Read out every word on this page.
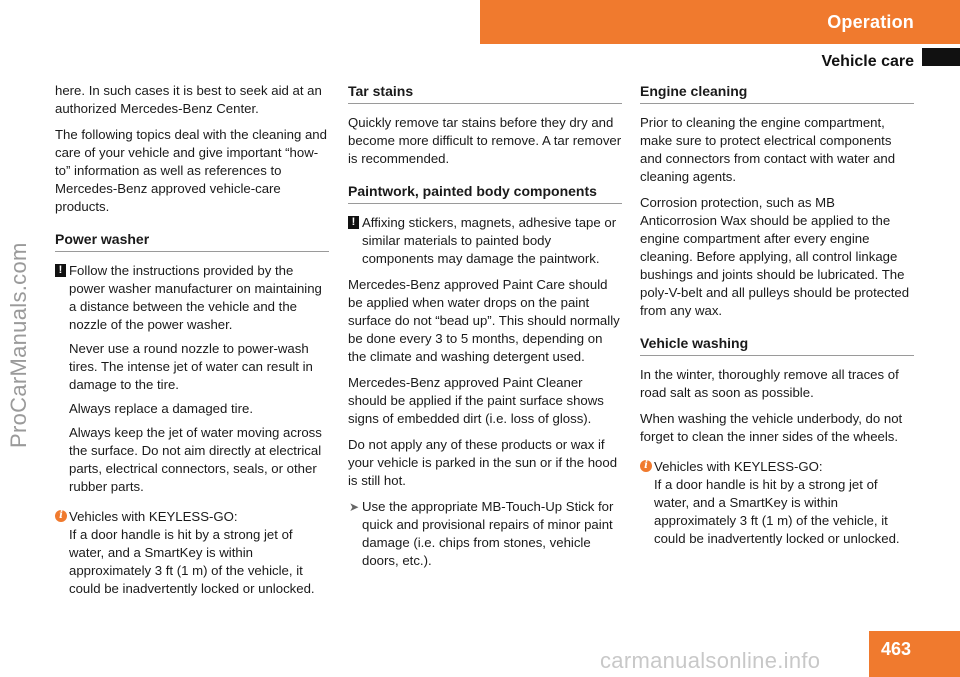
Operation
Vehicle care
ProCarManuals.com

here. In such cases it is best to seek aid at an authorized Mercedes-Benz Center.

The following topics deal with the cleaning and care of your vehicle and give important “how-to” information as well as references to Mercedes-Benz approved vehicle-care products.

Power washer
! Follow the instructions provided by the power washer manufacturer on maintaining a distance between the vehicle and the nozzle of the power washer.

Never use a round nozzle to power-wash tires. The intense jet of water can result in damage to the tire.

Always replace a damaged tire.

Always keep the jet of water moving across the surface. Do not aim directly at electrical parts, electrical connectors, seals, or other rubber parts.

i Vehicles with KEYLESS-GO:
If a door handle is hit by a strong jet of water, and a SmartKey is within approximately 3 ft (1 m) of the vehicle, it could be inadvertently locked or unlocked.
Tar stains

Quickly remove tar stains before they dry and become more difficult to remove. A tar remover is recommended.

Paintwork, painted body components
! Affixing stickers, magnets, adhesive tape or similar materials to painted body components may damage the paintwork.

Mercedes-Benz approved Paint Care should be applied when water drops on the paint surface do not “bead up”. This should normally be done every 3 to 5 months, depending on the climate and washing detergent used.

Mercedes-Benz approved Paint Cleaner should be applied if the paint surface shows signs of embedded dirt (i.e. loss of gloss).

Do not apply any of these products or wax if your vehicle is parked in the sun or if the hood is still hot.

➤ Use the appropriate MB-Touch-Up Stick for quick and provisional repairs of minor paint damage (i.e. chips from stones, vehicle doors, etc.).
Engine cleaning

Prior to cleaning the engine compartment, make sure to protect electrical components and connectors from contact with water and cleaning agents.

Corrosion protection, such as MB Anticorrosion Wax should be applied to the engine compartment after every engine cleaning. Before applying, all control linkage bushings and joints should be lubricated. The poly-V-belt and all pulleys should be protected from any wax.

Vehicle washing

In the winter, thoroughly remove all traces of road salt as soon as possible.

When washing the vehicle underbody, do not forget to clean the inner sides of the wheels.

i Vehicles with KEYLESS-GO:
If a door handle is hit by a strong jet of water, and a SmartKey is within approximately 3 ft (1 m) of the vehicle, it could be inadvertently locked or unlocked.
463
carmanualsonline.info
